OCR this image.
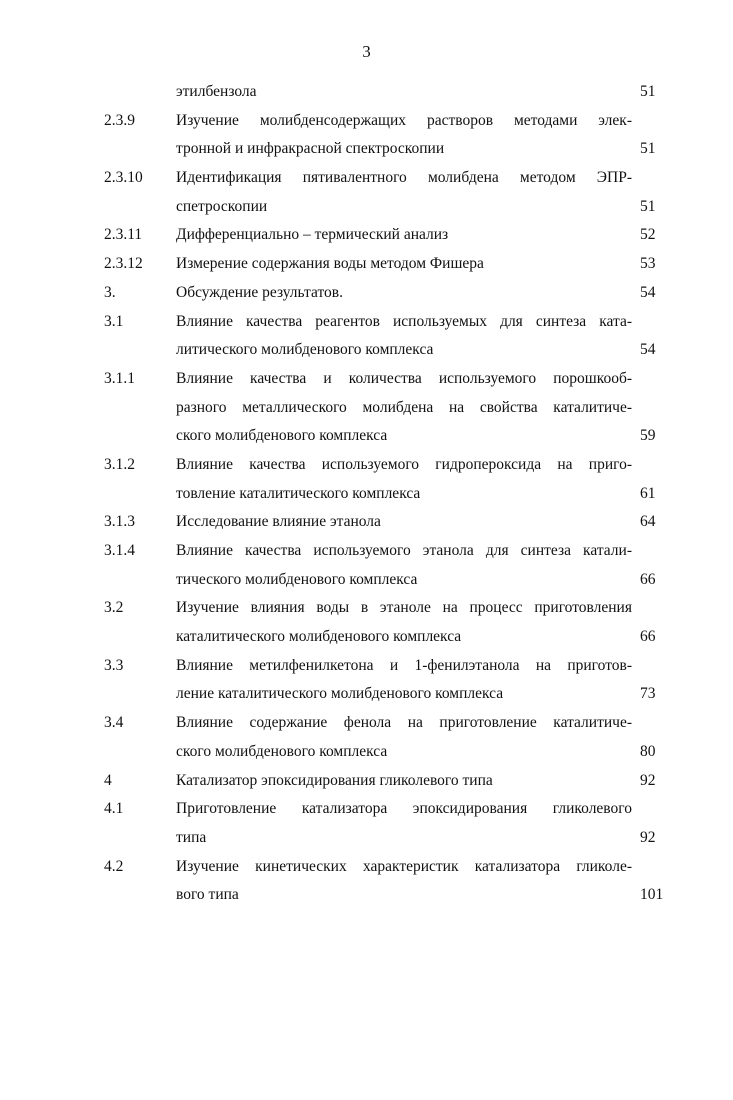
3
этилбензола	51
2.3.9	Изучение молибденсодержащих растворов методами элек-
тронной и инфракрасной спектроскопии	51
2.3.10 Идентификация пятивалентного молибдена методом ЭПР-
спетроскопии	51
2.3.11 Дифференциально – термический анализ	52
2.3.12 Измерение содержания воды методом Фишера	53
3.	Обсуждение результатов.	54
3.1	Влияние качества реагентов используемых для синтеза ката-
литического молибденового комплекса	54
3.1.1	Влияние качества и количества используемого порошкооб-
разного металлического молибдена на свойства каталитиче-
ского молибденового комплекса	59
3.1.2	Влияние качества используемого гидропероксида на приго-
товление каталитического комплекса	61
3.1.3	Исследование влияние этанола	64
3.1.4	Влияние качества используемого этанола для синтеза катали-
тического молибденового комплекса	66
3.2	Изучение влияния воды в этаноле на процесс приготовления
каталитического молибденового комплекса	66
3.3	Влияние метилфенилкетона и 1-фенилэтанола на приготов-
ление каталитического молибденового комплекса	73
3.4	Влияние содержание фенола на приготовление каталитиче-
ского молибденового комплекса	80
4	Катализатор эпоксидирования гликолевого типа	92
4.1	Приготовление катализатора эпоксидирования гликолевого
типа	92
4.2	Изучение кинетических характеристик катализатора гликоле-
вого типа	101
